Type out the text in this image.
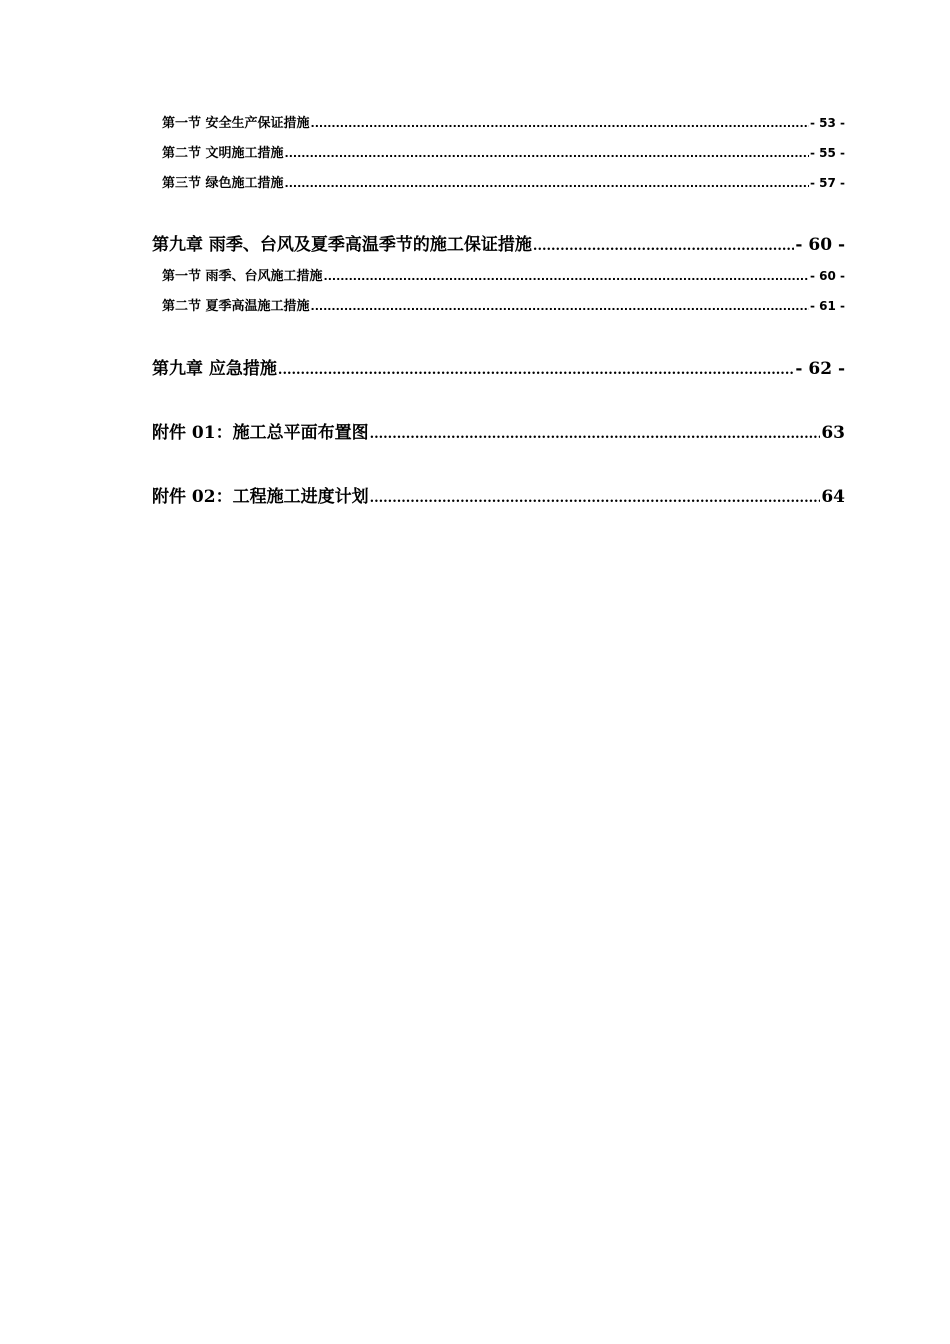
第一节 安全生产保证措施 .....	- 53 -
第二节 文明施工措施 .....	- 55 -
第三节 绿色施工措施 .....	- 57 -
第九章 雨季、台风及夏季高温季节的施工保证措施 .....	- 60 -
第一节 雨季、台风施工措施 .....	- 60 -
第二节 夏季高温施工措施 .....	- 61 -
第九章 应急措施 .....	- 62 -
附件 01：施工总平面布置图 .....	63
附件 02：工程施工进度计划 .....	64
